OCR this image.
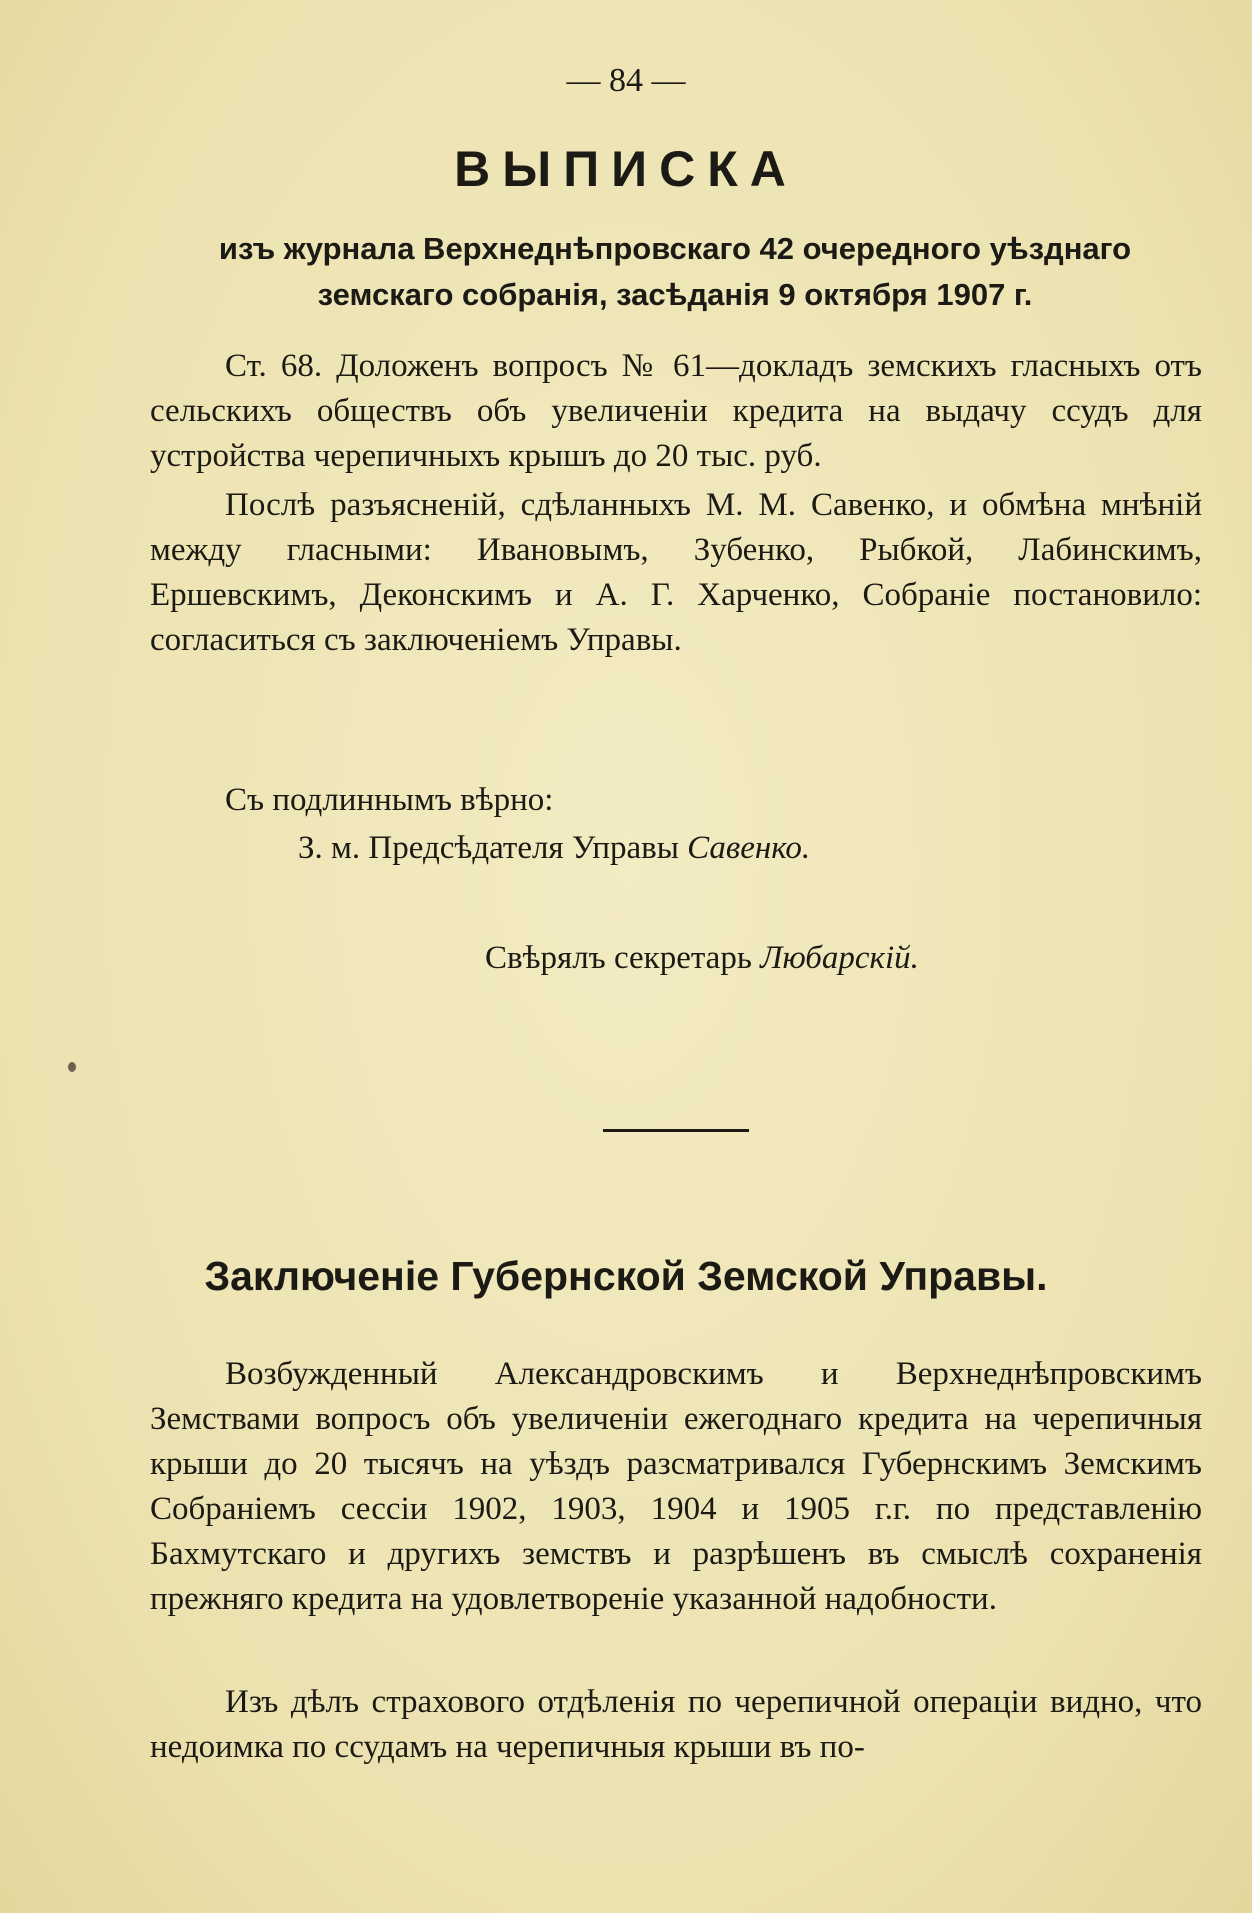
— 84 —
ВЫПИСКА
изъ журнала Верхнеднѣпровскаго 42 очередного уѣзднаго земскаго собранія, засѣданія 9 октября 1907 г.
Ст. 68. Доложенъ вопросъ № 61—докладъ земскихъ гласныхъ отъ сельскихъ обществъ объ увеличеніи кредита на выдачу ссудъ для устройства черепичныхъ крышъ до 20 тыс. руб.
Послѣ разъясненій, сдѣланныхъ М. М. Савенко, и обмѣна мнѣній между гласными: Ивановымъ, Зубенко, Рыбкой, Лабинскимъ, Ершевскимъ, Деконскимъ и А. Г. Харченко, Собраніе постановило: согласиться съ заключеніемъ Управы.
Съ подлиннымъ вѣрно:
З. м. Предсѣдателя Управы Савенко.
Свѣрялъ секретарь Любарскій.
Заключеніе Губернской Земской Управы.
Возбужденный Александровскимъ и Верхнеднѣпровскимъ Земствами вопросъ объ увеличеніи ежегоднаго кредита на черепичныя крыши до 20 тысячъ на уѣздъ разсматривался Губернскимъ Земскимъ Собраніемъ сессіи 1902, 1903, 1904 и 1905 г.г. по представленію Бахмутскаго и другихъ земствъ и разрѣшенъ въ смыслѣ сохраненія прежняго кредита на удовлетвореніе указанной надобности.
Изъ дѣлъ страхового отдѣленія по черепичной операціи видно, что недоимка по ссудамъ на черепичныя крыши въ по-
